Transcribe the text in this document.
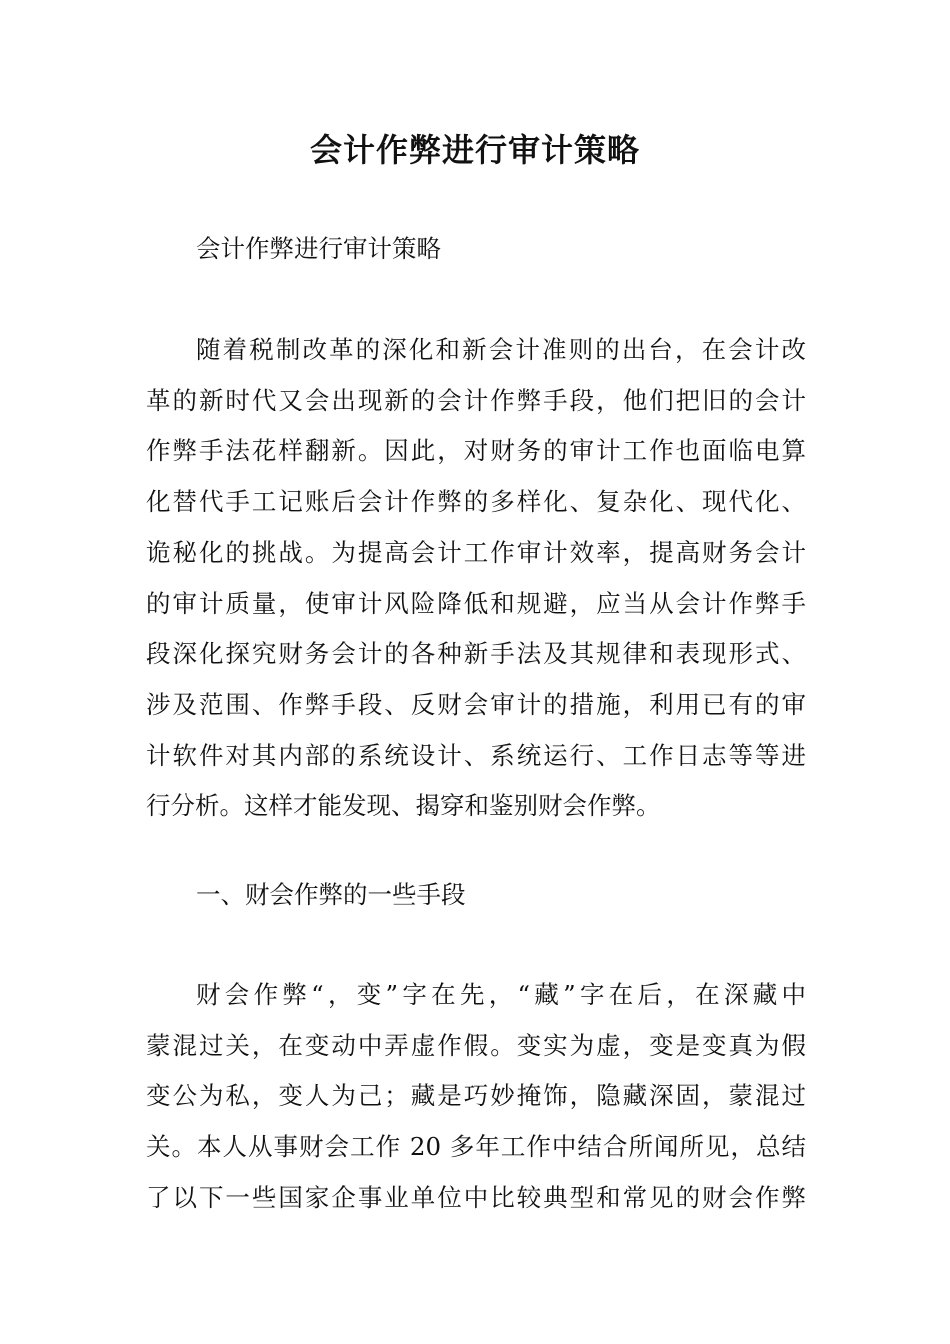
会计作弊进行审计策略

会计作弊进行审计策略

随着税制改革的深化和新会计准则的出台，在会计改
革的新时代又会出现新的会计作弊手段，他们把旧的会计
作弊手法花样翻新。因此，对财务的审计工作也面临电算
化替代手工记账后会计作弊的多样化、复杂化、现代化、
诡秘化的挑战。为提高会计工作审计效率，提高财务会计
的审计质量，使审计风险降低和规避，应当从会计作弊手
段深化探究财务会计的各种新手法及其规律和表现形式、
涉及范围、作弊手段、反财会审计的措施，利用已有的审
计软件对其内部的系统设计、系统运行、工作日志等等进
行分析。这样才能发现、揭穿和鉴别财会作弊。

一、财会作弊的一些手段

财会作弊“，变”字在先，“藏”字在后，在深藏中
蒙混过关，在变动中弄虚作假。变实为虚，变是变真为假
变公为私，变人为己；藏是巧妙掩饰，隐藏深固，蒙混过
关。本人从事财会工作 20 多年工作中结合所闻所见，总结
了以下一些国家企事业单位中比较典型和常见的财会作弊
